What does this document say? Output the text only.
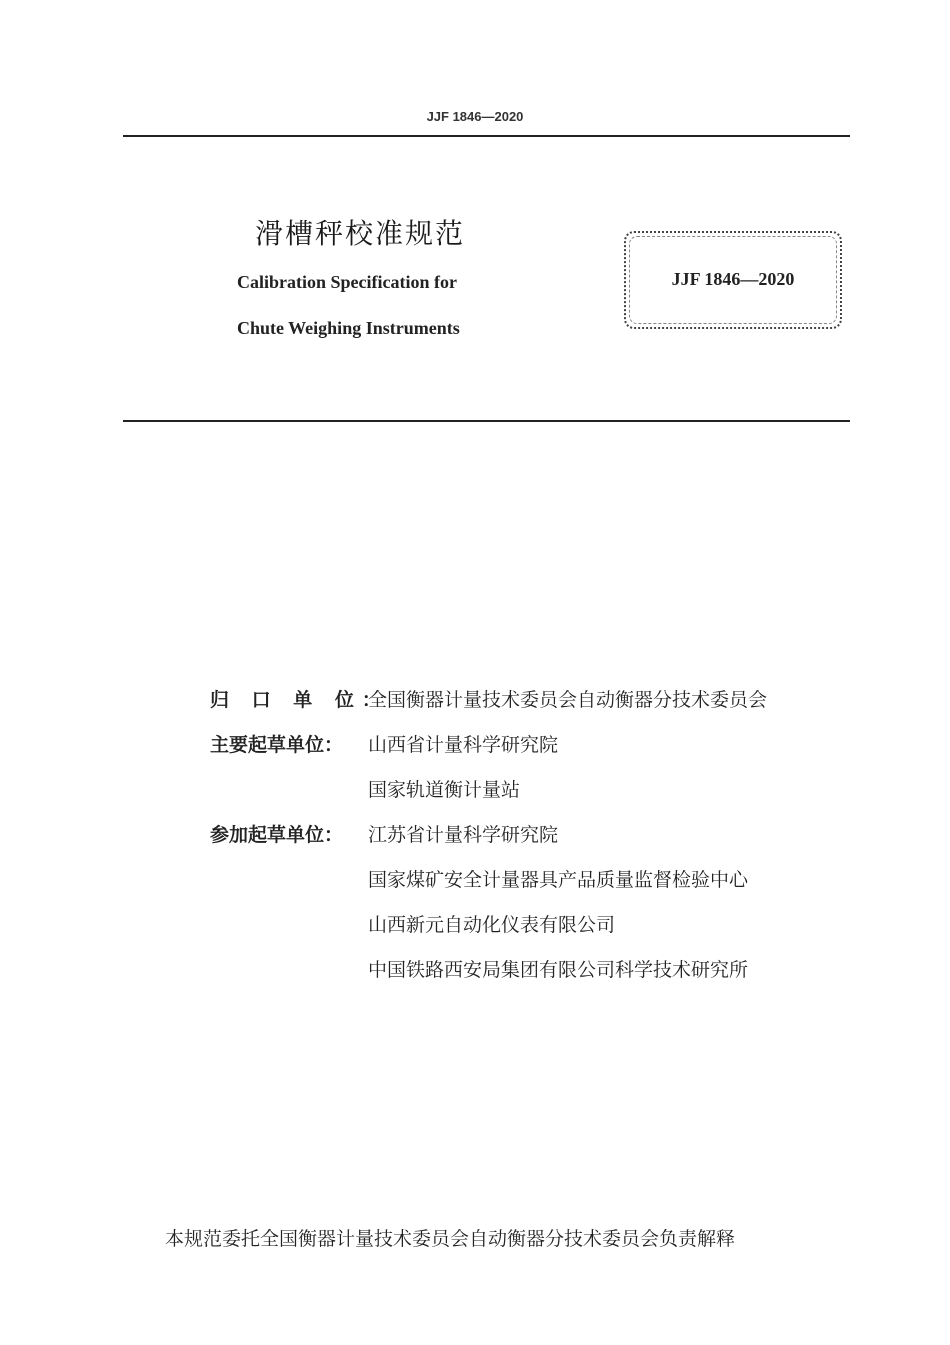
JJF 1846—2020
滑槽秤校准规范
Calibration Specification for
Chute Weighing Instruments
JJF 1846—2020
归 口 单 位：
全国衡器计量技术委员会自动衡器分技术委员会
主要起草单位：	山西省计量科学研究院
国家轨道衡计量站
参加起草单位：	江苏省计量科学研究院
国家煤矿安全计量器具产品质量监督检验中心
山西新元自动化仪表有限公司
中国铁路西安局集团有限公司科学技术研究所
本规范委托全国衡器计量技术委员会自动衡器分技术委员会负责解释
